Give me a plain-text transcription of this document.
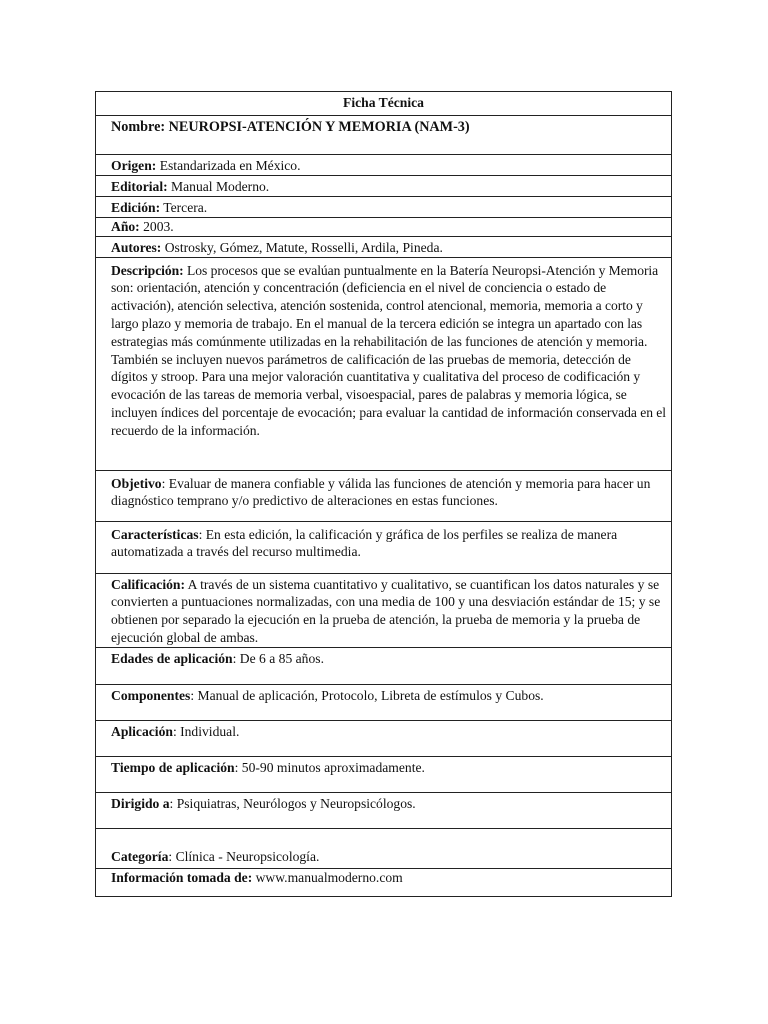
Ficha Técnica
Nombre: NEUROPSI-ATENCIÓN Y MEMORIA (NAM-3)
Origen: Estandarizada en México.
Editorial: Manual Moderno.
Edición: Tercera.
Año: 2003.
Autores: Ostrosky, Gómez, Matute, Rosselli, Ardila, Pineda.
Descripción: Los procesos que se evalúan puntualmente en la Batería Neuropsi-Atención y Memoria son: orientación, atención y concentración (deficiencia en el nivel de conciencia o estado de activación), atención selectiva, atención sostenida, control atencional, memoria, memoria a corto y largo plazo y memoria de trabajo. En el manual de la tercera edición se integra un apartado con las estrategias más comúnmente utilizadas en la rehabilitación de las funciones de atención y memoria. También se incluyen nuevos parámetros de calificación de las pruebas de memoria, detección de dígitos y stroop. Para una mejor valoración cuantitativa y cualitativa del proceso de codificación y evocación de las tareas de memoria verbal, visoespacial, pares de palabras y memoria lógica, se incluyen índices del porcentaje de evocación; para evaluar la cantidad de información conservada en el recuerdo de la información.
Objetivo: Evaluar de manera confiable y válida las funciones de atención y memoria para hacer un diagnóstico temprano y/o predictivo de alteraciones en estas funciones.
Características: En esta edición, la calificación y gráfica de los perfiles se realiza de manera automatizada a través del recurso multimedia.
Calificación: A través de un sistema cuantitativo y cualitativo, se cuantifican los datos naturales y se convierten a puntuaciones normalizadas, con una media de 100 y una desviación estándar de 15; y se obtienen por separado la ejecución en la prueba de atención, la prueba de memoria y la prueba de ejecución global de ambas.
Edades de aplicación: De 6 a 85 años.
Componentes: Manual de aplicación, Protocolo, Libreta de estímulos y Cubos.
Aplicación: Individual.
Tiempo de aplicación: 50-90 minutos aproximadamente.
Dirigido a: Psiquiatras, Neurólogos y Neuropsicólogos.
Categoría: Clínica - Neuropsicología.
Información tomada de: www.manualmoderno.com
